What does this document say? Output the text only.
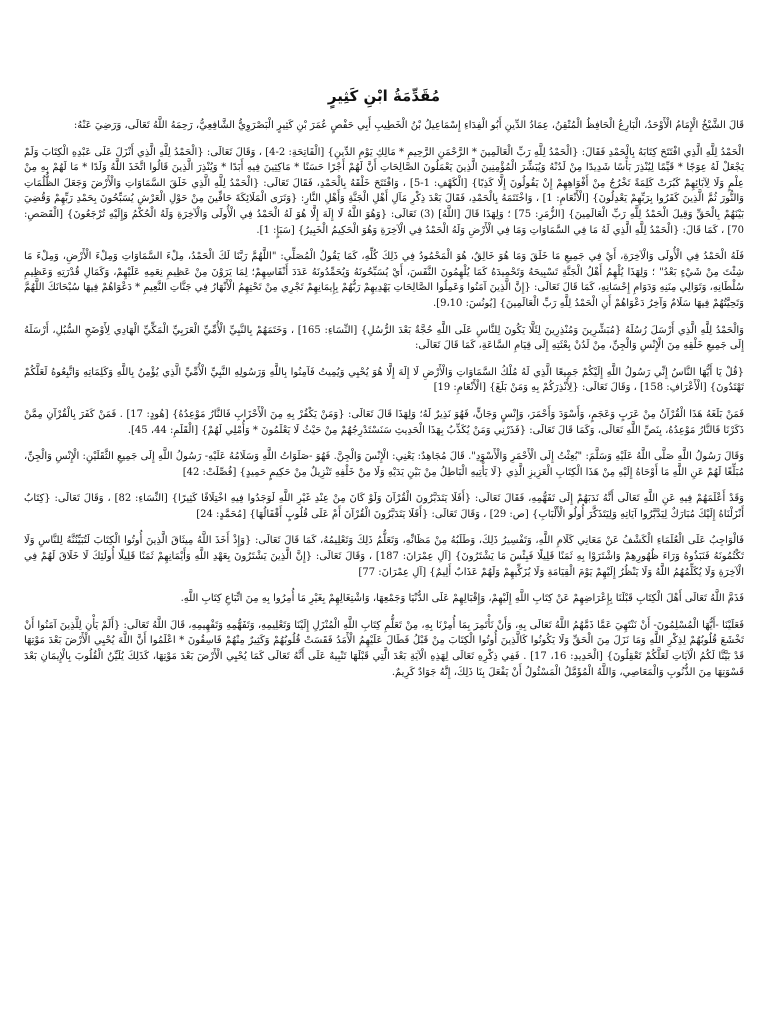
مُقَدِّمَةُ ابْنِ كَثِيرٍ

قَالَ الشَّيْخُ الْإِمَامُ الْأَوْحَدُ، الْبَارِعُ الْحَافِظُ الْمُتْقِنُ، عِمَادُ الدِّينِ أَبُو الْفِدَاءِ إِسْمَاعِيلُ بْنُ الْخَطِيبِ أَبِي حَفْصٍ عُمَرَ بْنِ كَثِيرٍ الْبَصْرَوِيُّ الشَّافِعِيُّ، رَحِمَهُ اللَّهُ تَعَالَى، وَرَضِيَ عَنْهُ:

الْحَمْدُ لِلَّهِ الَّذِي افْتَتَحَ كِتَابَهُ بِالْحَمْدِ فَقَالَ: {الْحَمْدُ لِلَّهِ رَبِّ الْعَالَمِينَ * الرَّحْمَنِ الرَّحِيمِ * مَالِكِ يَوْمِ الدِّينِ} [الْفَاتِحَةِ: 2-4] ، وَقَالَ تَعَالَى: {الْحَمْدُ لِلَّهِ الَّذِي أَنْزَلَ عَلَى عَبْدِهِ الْكِتَابَ وَلَمْ يَجْعَلْ لَهُ عِوَجًا * قَيِّمًا لِيُنْذِرَ بَأْسًا شَدِيدًا مِنْ لَدُنْهُ وَيُبَشِّرَ الْمُؤْمِنِينَ الَّذِينَ يَعْمَلُونَ الصَّالِحَاتِ أَنَّ لَهُمْ أَجْرًا حَسَنًا * مَاكِثِينَ فِيهِ أَبَدًا * وَيُنْذِرَ الَّذِينَ قَالُوا اتَّخَذَ اللَّهُ وَلَدًا * مَا لَهُمْ بِهِ مِنْ عِلْمٍ وَلَا لِآبَائِهِمْ كَبُرَتْ كَلِمَةً تَخْرُجُ مِنْ أَفْوَاهِهِمْ إِنْ يَقُولُونَ إِلَّا كَذِبًا} [الْكَهْفِ: 1-5] ، وَافْتَتَحَ خَلْقَهُ بِالْحَمْدِ، فَقَالَ تَعَالَى: {الْحَمْدُ لِلَّهِ الَّذِي خَلَقَ السَّمَاوَاتِ وَالْأَرْضَ وَجَعَلَ الظُّلُمَاتِ وَالنُّورَ ثُمَّ الَّذِينَ كَفَرُوا بِرَبِّهِمْ يَعْدِلُونَ} [الْأَنْعَامِ: 1] ، وَاخْتَتَمَهُ بِالْحَمْدِ، فَقَالَ بَعْدَ ذِكْرِ مَآلِ أَهْلِ الْجَنَّةِ وَأَهْلِ النَّارِ: {وَتَرَى الْمَلَائِكَةَ حَافِّينَ مِنْ حَوْلِ الْعَرْشِ يُسَبِّحُونَ بِحَمْدِ رَبِّهِمْ وَقُضِيَ بَيْنَهُمْ بِالْحَقِّ وَقِيلَ الْحَمْدُ لِلَّهِ رَبِّ الْعَالَمِينَ} [الزُّمَرِ: 75] ؛ وَلِهَذَا قَالَ [اللَّهُ] (3) تَعَالَى: {وَهُوَ اللَّهُ لَا إِلَهَ إِلَّا هُوَ لَهُ الْحَمْدُ فِي الْأُولَى وَالْآخِرَةِ وَلَهُ الْحُكْمُ وَإِلَيْهِ تُرْجَعُونَ} [الْقَصَصِ: 70] ، كَمَا قَالَ: {الْحَمْدُ لِلَّهِ الَّذِي لَهُ مَا فِي السَّمَاوَاتِ وَمَا فِي الْأَرْضِ وَلَهُ الْحَمْدُ فِي الْآخِرَةِ وَهُوَ الْحَكِيمُ الْخَبِيرُ} [سَبَإٍ: 1].

فَلَهُ الْحَمْدُ فِي الْأُولَى وَالْآخِرَةِ، أَيْ فِي جَمِيعِ مَا خَلَقَ وَمَا هُوَ خَالِقٌ، هُوَ الْمَحْمُودُ فِي ذَلِكَ كُلِّهِ، كَمَا يَقُولُ الْمُصَلِّي: "اللَّهُمَّ رَبَّنَا لَكَ الْحَمْدُ، مِلْءَ السَّمَاوَاتِ وَمِلْءَ الْأَرْضِ، وَمِلْءَ مَا شِئْتَ مِنْ شَيْءٍ بَعْدُ" ؛ وَلِهَذَا يُلْهِمُ أَهْلُ الْجَنَّةِ تَسْبِيحَهُ وَتَحْمِيدَهُ كَمَا يُلْهِمُونَ النَّفَسَ، أَيْ يُسَبِّحُونَهُ وَيُحَمِّدُونَهُ عَدَدَ أَنْفَاسِهِمْ؛ لِمَا يَرَوْنَ مِنْ عَظِيمِ نِعَمِهِ عَلَيْهِمْ، وَكَمَالِ قُدْرَتِهِ وَعَظِيمِ سُلْطَانِهِ، وَتَوَالِي مِنَنِهِ وَدَوَامِ إِحْسَانِهِ، كَمَا قَالَ تَعَالَى: {إِنَّ الَّذِينَ آمَنُوا وَعَمِلُوا الصَّالِحَاتِ يَهْدِيهِمْ رَبُّهُمْ بِإِيمَانِهِمْ تَجْرِي مِنْ تَحْتِهِمُ الْأَنْهَارُ فِي جَنَّاتِ النَّعِيمِ * دَعْوَاهُمْ فِيهَا سُبْحَانَكَ اللَّهُمَّ وَتَحِيَّتُهُمْ فِيهَا سَلَامٌ وَآخِرُ دَعْوَاهُمْ أَنِ الْحَمْدُ لِلَّهِ رَبِّ الْعَالَمِينَ} [يُونُسَ: 9،10].

وَالْحَمْدُ لِلَّهِ الَّذِي أَرْسَلَ رُسُلَهُ {مُبَشِّرِينَ وَمُنْذِرِينَ لِئَلَّا يَكُونَ لِلنَّاسِ عَلَى اللَّهِ حُجَّةٌ بَعْدَ الرُّسُلِ} [النِّسَاءِ: 165] ، وَخَتَمَهُمْ بِالنَّبِيِّ الْأُمِّيِّ الْعَرَبِيِّ الْمَكِّيِّ الْهَادِي لِأَوْضَحِ السُّبُلِ، أَرْسَلَهُ إِلَى جَمِيعِ خَلْقِهِ مِنَ الْإِنْسِ وَالْجِنِّ، مِنْ لَدُنْ بِعْثَتِهِ إِلَى قِيَامِ السَّاعَةِ، كَمَا قَالَ تَعَالَى:

{قُلْ يَا أَيُّهَا النَّاسُ إِنِّي رَسُولُ اللَّهِ إِلَيْكُمْ جَمِيعًا الَّذِي لَهُ مُلْكُ السَّمَاوَاتِ وَالْأَرْضِ لَا إِلَهَ إِلَّا هُوَ يُحْيِي وَيُمِيتُ فَآمِنُوا بِاللَّهِ وَرَسُولِهِ النَّبِيِّ الْأُمِّيِّ الَّذِي يُؤْمِنُ بِاللَّهِ وَكَلِمَاتِهِ وَاتَّبِعُوهُ لَعَلَّكُمْ تَهْتَدُونَ} [الْأَعْرَافِ: 158] ، وَقَالَ تَعَالَى: {لِأُنْذِرَكُمْ بِهِ وَمَنْ بَلَغَ} [الْأَنْعَامِ: 19]

فَمَنْ بَلَغَهُ هَذَا الْقُرْآنُ مِنْ عَرَبٍ وَعَجَمٍ، وَأَسْوَدَ وَأَحْمَرَ، وَإِنْسٍ وَجَانٍّ، فَهُوَ نَذِيرٌ لَهُ؛ وَلِهَذَا قَالَ تَعَالَى: {وَمَنْ يَكْفُرْ بِهِ مِنَ الْأَحْزَابِ فَالنَّارُ مَوْعِدُهُ} [هُودٍ: 17] . فَمَنْ كَفَرَ بِالْقُرْآنِ مِمَّنْ ذَكَرْنَا فَالنَّارُ مَوْعِدُهُ، بِنَصِّ اللَّهِ تَعَالَى، وَكَمَا قَالَ تَعَالَى: {فَذَرْنِي وَمَنْ يُكَذِّبُ بِهَذَا الْحَدِيثِ سَنَسْتَدْرِجُهُمْ مِنْ حَيْثُ لَا يَعْلَمُونَ * وَأُمْلِي لَهُمْ} [الْقَلَمِ: 44، 45].

وَقَالَ رَسُولُ اللَّهِ صَلَّى اللَّهُ عَلَيْهِ وَسَلَّمَ: "بُعِثْتُ إِلَى الْأَحْمَرِ وَالْأَسْوَدِ". قَالَ مُجَاهِدٌ: يَعْنِي: الْإِنْسَ وَالْجِنَّ. فَهُوَ -صَلَوَاتُ اللَّهِ وَسَلَامُهُ عَلَيْهِ- رَسُولُ اللَّهِ إِلَى جَمِيعِ الثَّقَلَيْنِ: الْإِنْسِ وَالْجِنِّ، مُبَلِّغًا لَهُمْ عَنِ اللَّهِ مَا أَوْحَاهُ إِلَيْهِ مِنْ هَذَا الْكِتَابِ الْعَزِيزِ الَّذِي {لَا يَأْتِيهِ الْبَاطِلُ مِنْ بَيْنِ يَدَيْهِ وَلَا مِنْ خَلْفِهِ تَنْزِيلٌ مِنْ حَكِيمٍ حَمِيدٍ} [فُصِّلَتْ: 42]

وَقَدْ أَعْلَمَهُمْ فِيهِ عَنِ اللَّهِ تَعَالَى أَنَّهُ نَدَبَهُمْ إِلَى تَفَهُّمِهِ، فَقَالَ تَعَالَى: {أَفَلَا يَتَدَبَّرُونَ الْقُرْآنَ وَلَوْ كَانَ مِنْ عِنْدِ غَيْرِ اللَّهِ لَوَجَدُوا فِيهِ اخْتِلَافًا كَثِيرًا} [النِّسَاءِ: 82] ، وَقَالَ تَعَالَى: {كِتَابٌ أَنْزَلْنَاهُ إِلَيْكَ مُبَارَكٌ لِيَدَّبَّرُوا آيَاتِهِ وَلِيَتَذَكَّرَ أُولُو الْأَلْبَابِ} [ص: 29] ، وَقَالَ تَعَالَى: {أَفَلَا يَتَدَبَّرُونَ الْقُرْآنَ أَمْ عَلَى قُلُوبٍ أَقْفَالُهَا} [مُحَمَّدٍ: 24]

فَالْوَاجِبُ عَلَى الْعُلَمَاءِ الْكَشْفُ عَنْ مَعَانِي كَلَامِ اللَّهِ، وَتَفْسِيرُ ذَلِكَ، وَطَلَبُهُ مِنْ مَظَانِّهِ، وَتَعَلُّمُ ذَلِكَ وَتَعْلِيمُهُ، كَمَا قَالَ تَعَالَى: {وَإِذْ أَخَذَ اللَّهُ مِيثَاقَ الَّذِينَ أُوتُوا الْكِتَابَ لَتُبَيِّنُنَّهُ لِلنَّاسِ وَلَا تَكْتُمُونَهُ فَنَبَذُوهُ وَرَاءَ ظُهُورِهِمْ وَاشْتَرَوْا بِهِ ثَمَنًا قَلِيلًا فَبِئْسَ مَا يَشْتَرُونَ} [آلِ عِمْرَانَ: 187] ، وَقَالَ تَعَالَى: {إِنَّ الَّذِينَ يَشْتَرُونَ بِعَهْدِ اللَّهِ وَأَيْمَانِهِمْ ثَمَنًا قَلِيلًا أُولَئِكَ لَا خَلَاقَ لَهُمْ فِي الْآخِرَةِ وَلَا يُكَلِّمُهُمُ اللَّهُ وَلَا يَنْظُرُ إِلَيْهِمْ يَوْمَ الْقِيَامَةِ وَلَا يُزَكِّيهِمْ وَلَهُمْ عَذَابٌ أَلِيمٌ} [آلِ عِمْرَانَ: 77]

فَذَمَّ اللَّهُ تَعَالَى أَهْلَ الْكِتَابِ قَبْلَنَا بِإِعْرَاضِهِمْ عَنْ كِتَابِ اللَّهِ إِلَيْهِمْ، وَإِقْبَالِهِمْ عَلَى الدُّنْيَا وَجَمْعِهَا، وَاشْتِغَالِهِمْ بِغَيْرِ مَا أُمِرُوا بِهِ مِنَ اتِّبَاعِ كِتَابِ اللَّهِ.

فَعَلَيْنَا -أَيُّهَا الْمُسْلِمُونَ- أَنْ نَنْتَهِيَ عَمَّا ذَمَّهُمُ اللَّهُ تَعَالَى بِهِ، وَأَنْ نَأْتَمِرَ بِمَا أُمِرْنَا بِهِ، مِنْ تَعَلُّمِ كِتَابِ اللَّهِ الْمُنْزَلِ إِلَيْنَا وَتَعْلِيمِهِ، وَتَفَهُّمِهِ وَتَفْهِيمِهِ، قَالَ اللَّهُ تَعَالَى: {أَلَمْ يَأْنِ لِلَّذِينَ آمَنُوا أَنْ تَخْشَعَ قُلُوبُهُمْ لِذِكْرِ اللَّهِ وَمَا نَزَلَ مِنَ الْحَقِّ وَلَا يَكُونُوا كَالَّذِينَ أُوتُوا الْكِتَابَ مِنْ قَبْلُ فَطَالَ عَلَيْهِمُ الْأَمَدُ فَقَسَتْ قُلُوبُهُمْ وَكَثِيرٌ مِنْهُمْ فَاسِقُونَ * اعْلَمُوا أَنَّ اللَّهَ يُحْيِي الْأَرْضَ بَعْدَ مَوْتِهَا قَدْ بَيَّنَّا لَكُمُ الْآيَاتِ لَعَلَّكُمْ تَعْقِلُونَ} [الْحَدِيدِ: 16، 17] . فَفِي ذِكْرِهِ تَعَالَى لِهَذِهِ الْآيَةِ بَعْدَ الَّتِي قَبْلَهَا تَنْبِيهٌ عَلَى أَنَّهُ تَعَالَى كَمَا يُحْيِي الْأَرْضَ بَعْدَ مَوْتِهَا، كَذَلِكَ يُلَيِّنُ الْقُلُوبَ بِالْإِيمَانِ بَعْدَ قَسْوَتِهَا مِنَ الذُّنُوبِ وَالْمَعَاصِي، وَاللَّهُ الْمُؤَمَّلُ الْمَسْئُولُ أَنْ يَفْعَلَ بِنَا ذَلِكَ، إِنَّهُ جَوَادٌ كَرِيمٌ.
